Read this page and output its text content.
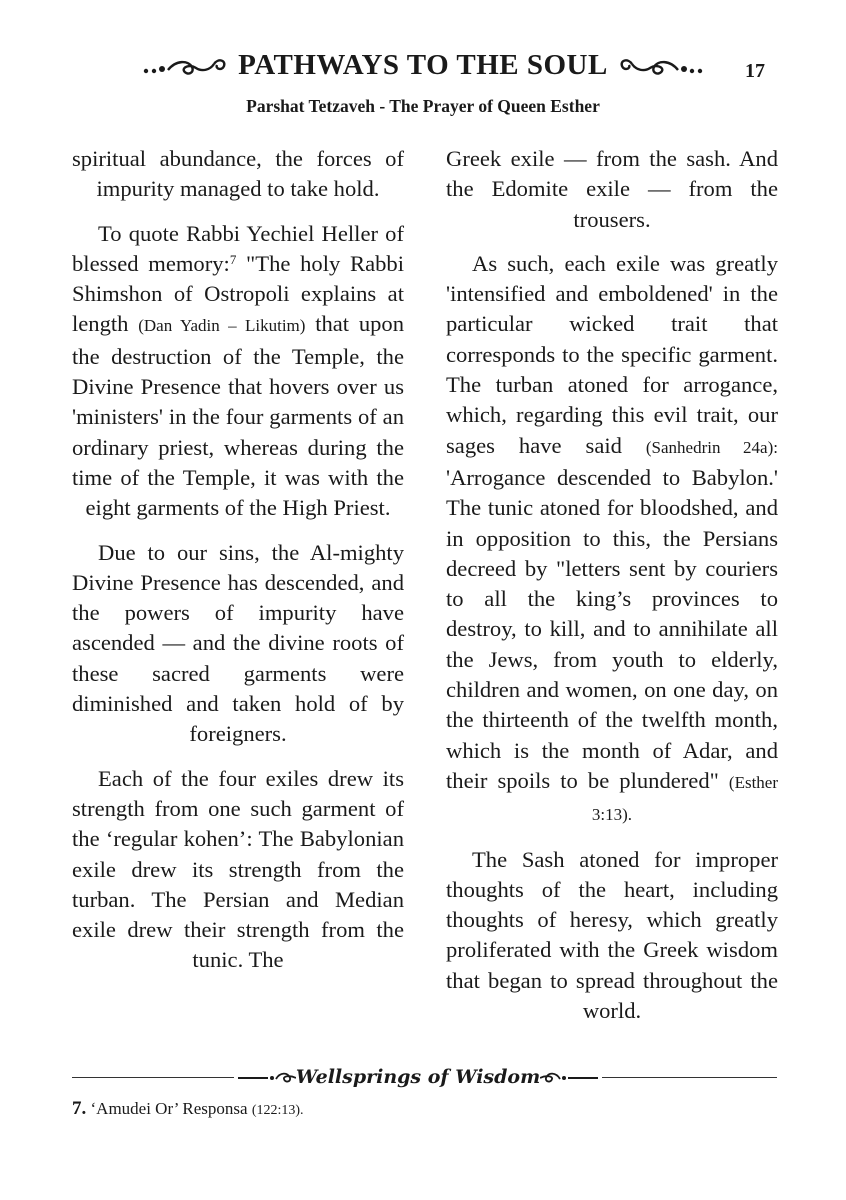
PATHWAYS TO THE SOUL	17
Parshat Tetzaveh - The Prayer of Queen Esther

spiritual abundance, the forces of impurity managed to take hold.

To quote Rabbi Yechiel Heller of blessed memory:$^7$ "The holy Rabbi Shimshon of Ostropoli explains at length (Dan Yadin – Likutim) that upon the destruction of the Temple, the Divine Presence that hovers over us 'ministers' in the four garments of an ordinary priest, whereas during the time of the Temple, it was with the eight garments of the High Priest.

Due to our sins, the Al-mighty Divine Presence has descended, and the powers of impurity have ascended — and the divine roots of these sacred garments were diminished and taken hold of by foreigners.

Each of the four exiles drew its strength from one such garment of the ‘regular kohen’: The Babylonian exile drew its strength from the turban. The Persian and Median exile drew their strength from the tunic. The

Greek exile — from the sash. And the Edomite exile — from the trousers.

As such, each exile was greatly 'intensified and emboldened' in the particular wicked trait that corresponds to the specific garment. The turban atoned for arrogance, which, regarding this evil trait, our sages have said (Sanhedrin 24a): 'Arrogance descended to Babylon.' The tunic atoned for bloodshed, and in opposition to this, the Persians decreed by "letters sent by couriers to all the king’s provinces to destroy, to kill, and to annihilate all the Jews, from youth to elderly, children and women, on one day, on the thirteenth of the twelfth month, which is the month of Adar, and their spoils to be plundered" (Esther 3:13).

The Sash atoned for improper thoughts of the heart, including thoughts of heresy, which greatly proliferated with the Greek wisdom that began to spread throughout the world.

Wellsprings of Wisdom
7. ‘Amudei Or’ Responsa (122:13).
